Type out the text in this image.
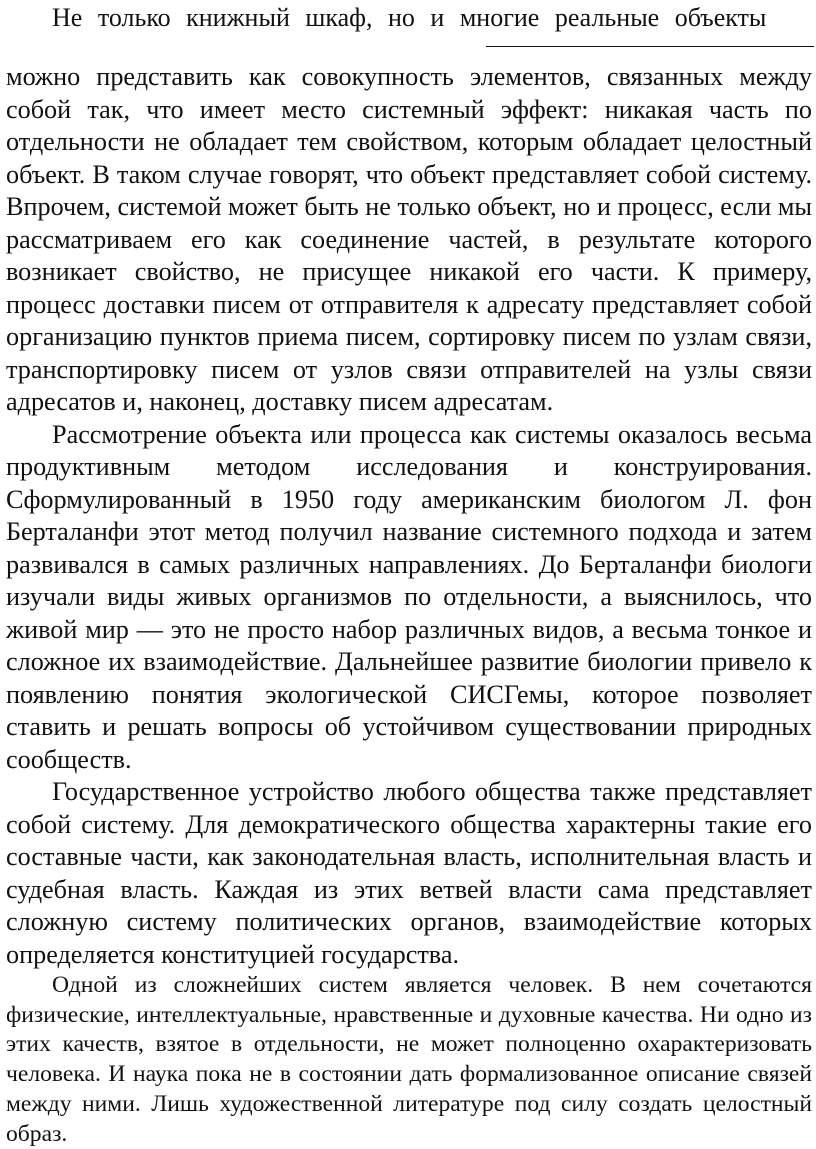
Не только книжный шкаф, но и многие реальные объекты

можно представить как совокупность элементов, связанных между собой так, что имеет место системный эффект: никакая часть по отдельности не обладает тем свойством, которым обладает целостный объект. В таком случае говорят, что объект представляет собой систему. Впрочем, системой может быть не только объект, но и процесс, если мы рассматриваем его как соединение частей, в результате которого возникает свойство, не присущее никакой его части. К примеру, процесс доставки писем от отправителя к адресату представляет собой организацию пунктов приема писем, сортировку писем по узлам связи, транспортировку писем от узлов связи отправителей на узлы связи адресатов и, наконец, доставку писем адресатам.

Рассмотрение объекта или процесса как системы оказалось весьма продуктивным методом исследования и конструирования. Сформулированный в 1950 году американским биологом Л. фон Берталанфи этот метод получил название системного подхода и затем развивался в самых различных направлениях. До Берталанфи биологи изучали виды живых организмов по отдельности, а выяснилось, что живой мир — это не просто набор различных видов, а весьма тонкое и сложное их взаимодействие. Дальнейшее развитие биологии привело к появлению понятия экологической СИСГемы, которое позволяет ставить и решать вопросы об устойчивом существовании природных сообществ.

Государственное устройство любого общества также представляет собой систему. Для демократического общества характерны такие его составные части, как законодательная власть, исполнительная власть и судебная власть. Каждая из этих ветвей власти сама представляет сложную систему политических органов, взаимодействие которых определяется конституцией государства.

Одной из сложнейших систем является человек. В нем сочетаются физические, интеллектуальные, нравственные и духовные качества. Ни одно из этих качеств, взятое в отдельности, не может полноценно охарактеризовать человека. И наука пока не в состоянии дать формализованное описание связей между ними. Лишь художественной литературе под силу создать целостный образ.
